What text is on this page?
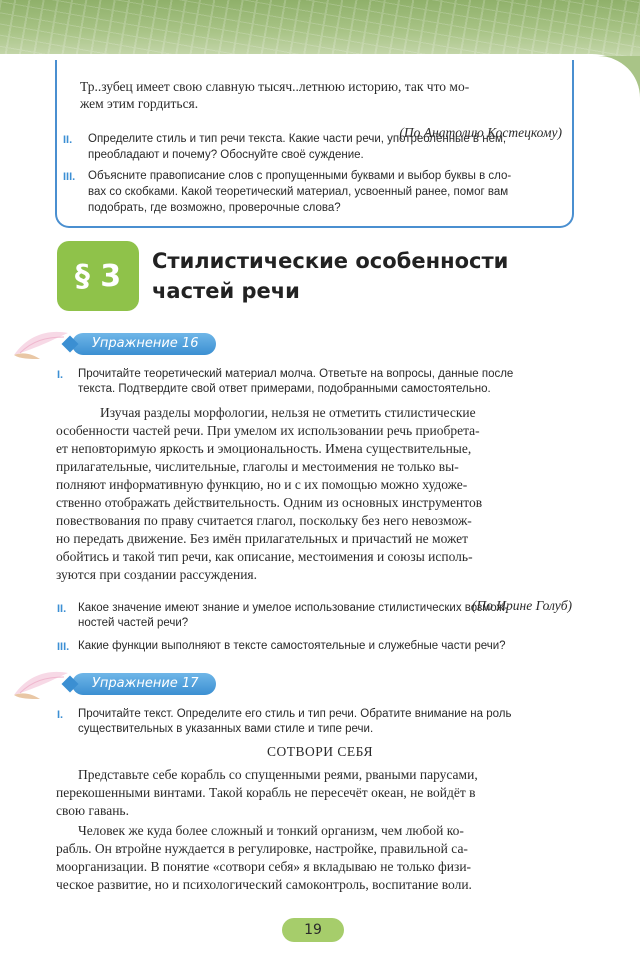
Тр..зубец имеет свою славную тысяч..летнюю историю, так что мо-

жем этим гордиться.

(По Анатолию Костецкому)

II. Определите стиль и тип речи текста. Какие части речи, употреблённые в нём,

преобладают и почему? Обоснуйте своё суждение.

III. Объясните правописание слов с пропущенными буквами и выбор буквы в сло-

вах со скобками. Какой теоретический материал, усвоенный ранее, помог вам

подобрать, где возможно, проверочные слова?

§ 3	Стилистические особенности
частей речи
Упражнение 16
I. Прочитайте теоретический материал молча. Ответьте на вопросы, данные после

текста. Подтвердите свой ответ примерами, подобранными самостоятельно.

Изучая разделы морфологии, нельзя не отметить стилистические

особенности частей речи. При умелом их использовании речь приобрета-

ет неповторимую яркость и эмоциональность. Имена существительные,

прилагательные, числительные, глаголы и местоимения не только вы-

полняют информативную функцию, но и с их помощью можно художе-

ственно отображать действительность. Одним из основных инструментов

повествования по праву считается глагол, поскольку без него невозмож-

но передать движение. Без имён прилагательных и причастий не может

обойтись и такой тип речи, как описание, местоимения и союзы исполь-

зуются при создании рассуждения.

(По Ирине Голуб)

II. Какое значение имеют знание и умелое использование стилистических возмож-

ностей частей речи?

III. Какие функции выполняют в тексте самостоятельные и служебные части речи?

Упражнение 17
I. Прочитайте текст. Определите его стиль и тип речи. Обратите внимание на роль

существительных в указанных вами стиле и типе речи.

СОТВОРИ СЕБЯ

Представьте себе корабль со спущенными реями, рваными парусами,

перекошенными винтами. Такой корабль не пересечёт океан, не войдёт в

свою гавань.

Человек же куда более сложный и тонкий организм, чем любой ко-

рабль. Он втройне нуждается в регулировке, настройке, правильной са-

моорганизации. В понятие «сотвори себя» я вкладываю не только физи-

ческое развитие, но и психологический самоконтроль, воспитание воли.

19
